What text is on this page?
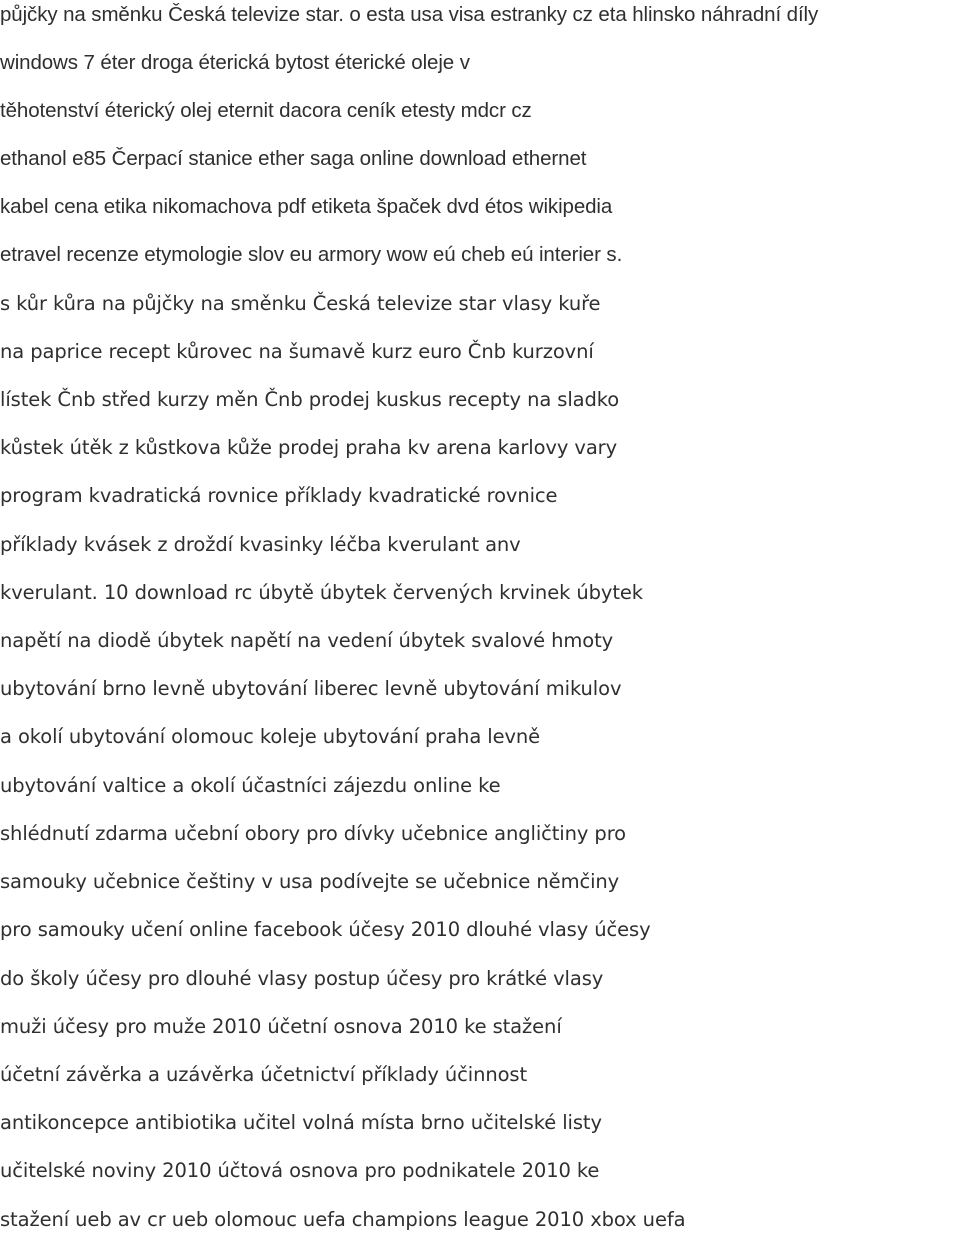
půjčky na směnku Česká televize star. o esta usa visa estranky cz eta hlinsko náhradní díly
windows 7 éter droga éterická bytost éterické oleje v
těhotenství éterický olej eternit dacora ceník etesty mdcr cz
ethanol e85 Čerpací stanice ether saga online download ethernet
kabel cena etika nikomachova pdf etiketa špaček dvd étos wikipedia
etravel recenze etymologie slov eu armory wow eú cheb eú interier s.
s kůr kůra na půjčky na směnku Česká televize star vlasy kuře
na paprice recept kůrovec na šumavě kurz euro Čnb kurzovní
lístek Čnb střed kurzy měn Čnb prodej kuskus recepty na sladko
kůstek útěk z kůstkova kůže prodej praha kv arena karlovy vary
program kvadratická rovnice příklady kvadratické rovnice
příklady kvásek z droždí kvasinky léčba kverulant anv
kverulant. 10 download rc úbytě úbytek červených krvinek úbytek
napětí na diodě úbytek napětí na vedení úbytek svalové hmoty
ubytování brno levně ubytování liberec levně ubytování mikulov
a okolí ubytování olomouc koleje ubytování praha levně
ubytování valtice a okolí účastníci zájezdu online ke
shlédnutí zdarma učební obory pro dívky učebnice angličtiny pro
samouky učebnice češtiny v usa podívejte se učebnice němčiny
pro samouky učení online facebook účesy 2010 dlouhé vlasy účesy
do školy účesy pro dlouhé vlasy postup účesy pro krátké vlasy
muži účesy pro muže 2010 účetní osnova 2010 ke stažení
účetní závěrka a uzávěrka účetnictví příklady účinnost
antikoncepce antibiotika učitel volná místa brno učitelské listy
učitelské noviny 2010 účtová osnova pro podnikatele 2010 ke
stažení ueb av cr ueb olomouc uefa champions league 2010 xbox uefa
